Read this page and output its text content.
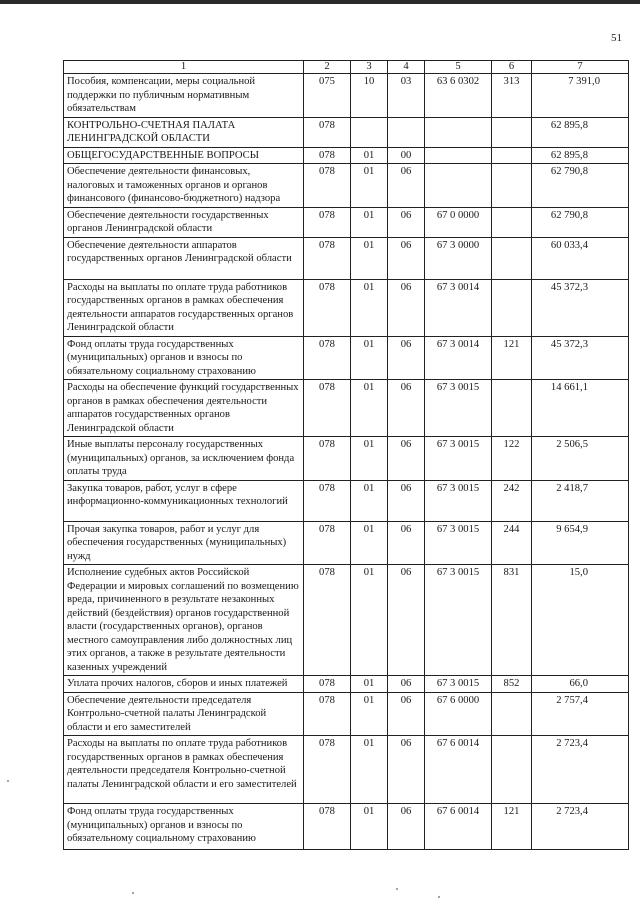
51
1	2	3	4	5	6	7
Пособия, компенсации, меры социальной поддержки по публичным нормативным обязательствам	075	10	03	63 6 0302	313	7 391,0
КОНТРОЛЬНО-СЧЕТНАЯ ПАЛАТА ЛЕНИНГРАДСКОЙ ОБЛАСТИ	078					62 895,8
ОБЩЕГОСУДАРСТВЕННЫЕ ВОПРОСЫ	078	01	00			62 895,8
Обеспечение деятельности финансовых, налоговых и таможенных органов и органов финансового (финансово-бюджетного) надзора	078	01	06			62 790,8
Обеспечение деятельности государственных органов Ленинградской области	078	01	06	67 0 0000		62 790,8
Обеспечение деятельности аппаратов государственных органов Ленинградской области	078	01	06	67 3 0000		60 033,4
Расходы на выплаты по оплате труда работников государственных органов в рамках обеспечения деятельности аппаратов государственных органов Ленинградской области	078	01	06	67 3 0014		45 372,3
Фонд оплаты труда государственных (муниципальных) органов и взносы по обязательному социальному страхованию	078	01	06	67 3 0014	121	45 372,3
Расходы на обеспечение функций государственных органов в рамках обеспечения деятельности аппаратов государственных органов Ленинградской области	078	01	06	67 3 0015		14 661,1
Иные выплаты персоналу государственных (муниципальных) органов, за исключением фонда оплаты труда	078	01	06	67 3 0015	122	2 506,5
Закупка товаров, работ, услуг в сфере информационно-коммуникационных технологий	078	01	06	67 3 0015	242	2 418,7
Прочая закупка товаров, работ и услуг для обеспечения государственных (муниципальных) нужд	078	01	06	67 3 0015	244	9 654,9
Исполнение судебных актов Российской Федерации и мировых соглашений по возмещению вреда, причиненного в результате незаконных действий (бездействия) органов государственной власти (государственных органов), органов местного самоуправления либо должностных лиц этих органов, а также в результате деятельности казенных учреждений	078	01	06	67 3 0015	831	15,0
Уплата прочих налогов, сборов и иных платежей	078	01	06	67 3 0015	852	66,0
Обеспечение деятельности председателя Контрольно-счетной палаты Ленинградской области и его заместителей	078	01	06	67 6 0000		2 757,4
Расходы на выплаты по оплате труда работников государственных органов в рамках обеспечения деятельности председателя Контрольно-счетной палаты Ленинградской области и его заместителей	078	01	06	67 6 0014		2 723,4
Фонд оплаты труда государственных (муниципальных) органов и взносы по обязательному социальному страхованию	078	01	06	67 6 0014	121	2 723,4
